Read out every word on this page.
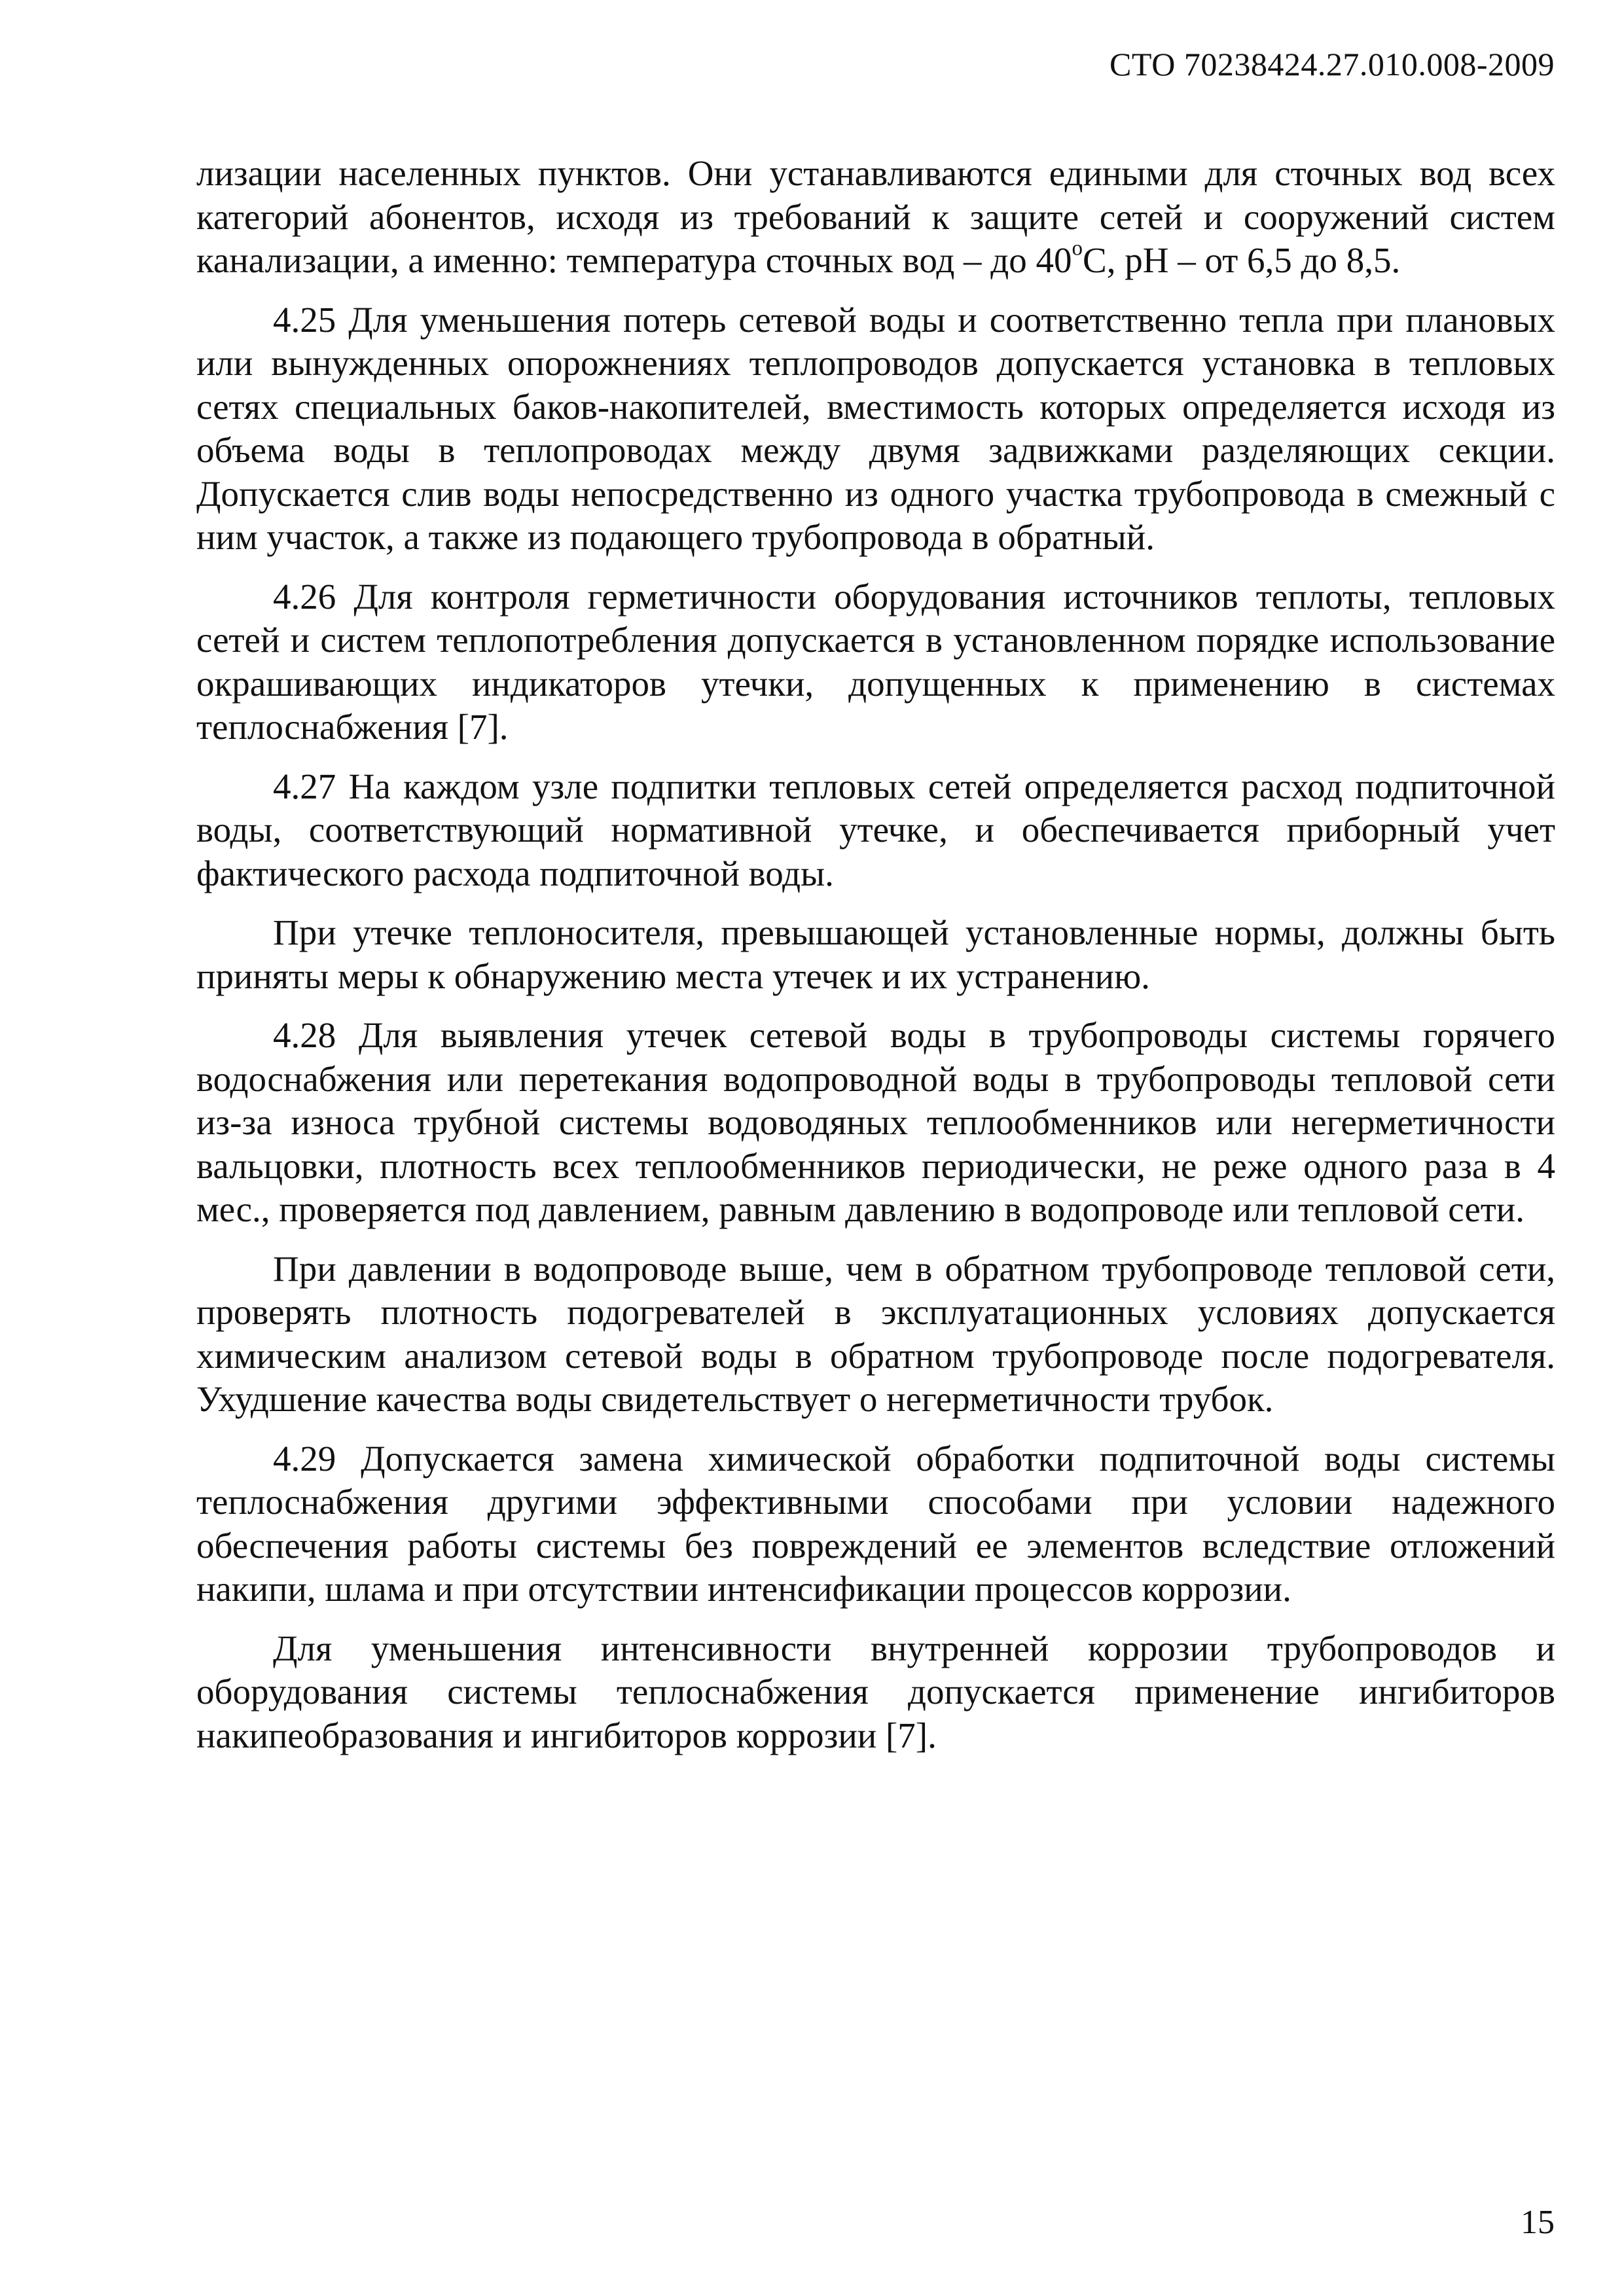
СТО 70238424.27.010.008-2009

лизации населенных пунктов. Они устанавливаются едиными для сточных вод всех категорий абонентов, исходя из требований к защите сетей и сооружений систем канализации, а именно: температура сточных вод – до $40^оС$, рН – от 6,5 до 8,5.

4.25 Для уменьшения потерь сетевой воды и соответственно тепла при плановых или вынужденных опорожнениях теплопроводов допускается установка в тепловых сетях специальных баков-накопителей, вместимость которых определяется исходя из объема воды в теплопроводах между двумя задвижками разделяющих секции. Допускается слив воды непосредственно из одного участка трубопровода в смежный с ним участок, а также из подающего трубопровода в обратный.

4.26 Для контроля герметичности оборудования источников теплоты, тепловых сетей и систем теплопотребления допускается в установленном порядке использование окрашивающих индикаторов утечки, допущенных к применению в системах теплоснабжения [7].

4.27 На каждом узле подпитки тепловых сетей определяется расход подпиточной воды, соответствующий нормативной утечке, и обеспечивается приборный учет фактического расхода подпиточной воды.

При утечке теплоносителя, превышающей установленные нормы, должны быть приняты меры к обнаружению места утечек и их устранению.

4.28 Для выявления утечек сетевой воды в трубопроводы системы горячего водоснабжения или перетекания водопроводной воды в трубопроводы тепловой сети из-за износа трубной системы водоводяных теплообменников или негерметичности вальцовки, плотность всех теплообменников периодически, не реже одного раза в 4 мес., проверяется под давлением, равным давлению в водопроводе или тепловой сети.

При давлении в водопроводе выше, чем в обратном трубопроводе тепловой сети, проверять плотность подогревателей в эксплуатационных условиях допускается химическим анализом сетевой воды в обратном трубопроводе после подогревателя. Ухудшение качества воды свидетельствует о негерметичности трубок.

4.29 Допускается замена химической обработки подпиточной воды системы теплоснабжения другими эффективными способами при условии надежного обеспечения работы системы без повреждений ее элементов вследствие отложений накипи, шлама и при отсутствии интенсификации процессов коррозии.

Для уменьшения интенсивности внутренней коррозии трубопроводов и оборудования системы теплоснабжения допускается применение ингибиторов накипеобразования и ингибиторов коррозии [7].

15
